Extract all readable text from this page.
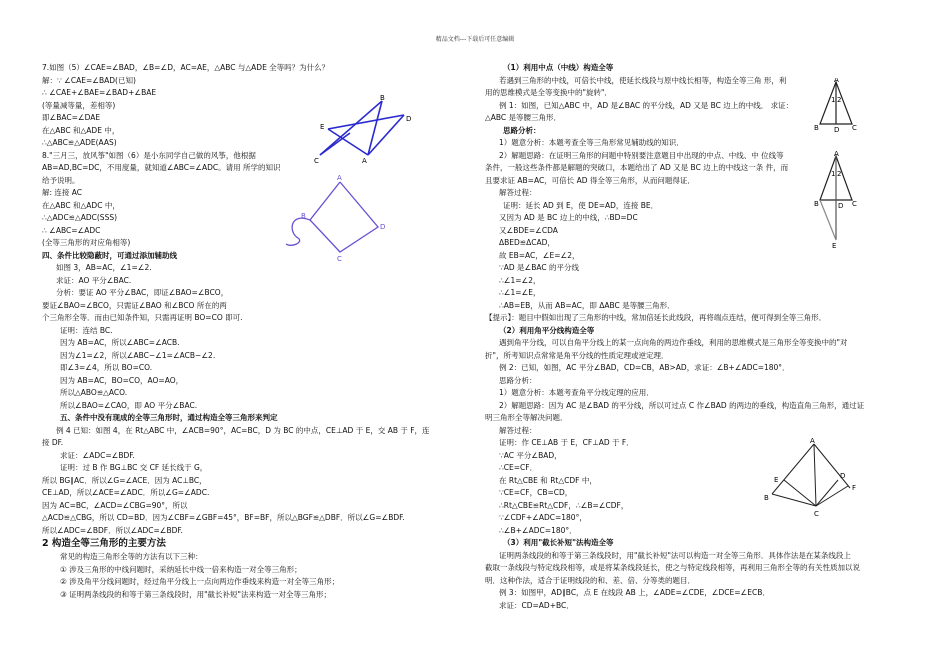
精品文档---下载后可任意编辑
7.如图（5）∠CAE=∠BAD，∠B=∠D，AC=AE，△ABC 与△ADE 全等吗？为什么？
解：∵ ∠CAE=∠BAD(已知)
∴ ∠CAE+∠BAE=∠BAD+∠BAE
(等量减等量，差相等)
即∠BAC=∠DAE
在△ABC 和△ADE 中，
∴△ABC≌△ADE(AAS)
8."三月三，放风筝"如图（6）是小东同学自己做的风筝，他根据
AB=AD,BC=DC，不用度量，就知道∠ABC=∠ADC。请用 所学的知识
给予说明。
解: 连接 AC
在△ABC 和△ADC 中，
∴△ADC≌△ADC(SSS)
∴ ∠ABC=∠ADC
(全等三角形的对应角相等)
四、条件比较隐蔽时，可通过添加辅助线
如图 3，AB=AC，∠1=∠2.
求证：AO 平分∠BAC.
分析：要证 AO 平分∠BAC，即证∠BAO=∠BCO，
要证∠BAO=∠BCO，只需证∠BAO 和∠BCO 所在的两
个三角形全等．而由已知条件知，只需再证明 BO=CO 即可.
证明：连结 BC.
因为 AB=AC，所以∠ABC=∠ACB.
因为∠1=∠2，所以∠ABC−∠1=∠ACB−∠2.
即∠3=∠4，所以 BO=CO.
因为 AB=AC，BO=CO，AO=AO，
所以△ABO≌△ACO.
所以∠BAO=∠CAO，即 AO 平分∠BAC.
五、条件中没有现成的全等三角形时，通过构造全等三角形来判定
例 4 已知：如图 4，在 Rt△ABC 中，∠ACB=90°，AC=BC，D 为 BC 的中点，CE⊥AD 于 E，交 AB 于 F，连
接 DF.
求证：∠ADC=∠BDF.
证明：过 B 作 BG⊥BC 交 CF 延长线于 G，
所以 BG∥AC．所以∠G=∠ACE．因为 AC⊥BC，
CE⊥AD，所以∠ACE=∠ADC．所以∠G=∠ADC.
因为 AC=BC，∠ACD=∠CBG=90°，所以
△ACD≌△CBG，所以 CD=BD．因为∠CBF=∠GBF=45°，BF=BF，所以△BGF≌△DBF．所以∠G=∠BDF.
所以∠ADC=∠BDF．所以∠ADC=∠BDF.
2 构造全等三角形的主要方法
常见的构造三角形全等的方法有以下三种：
① 涉及三角形的中线问题时，采纳延长中线一倍来构造一对全等三角形；
② 涉及角平分线问题时，经过角平分线上一点向两边作垂线来构造一对全等三角形；
③ 证明两条线段的和等于第三条线段时，用"截长补短"法来构造一对全等三角形；
（1）利用中点（中线）构造全等
若遇到三角形的中线，可倍长中线，使延长线段与原中线长相等，构造全等三角 形，利
用的思维模式是全等变换中的"旋转"．
例 1：如图，已知△ABC 中，AD 是∠BAC 的平分线，AD 又是 BC 边上的中线． 求证：
△ABC 是等腰三角形．
思路分析：
1）题意分析：本题考查全等三角形常见辅助线的知识．
2）解题思路：在证明三角形的问题中特别要注意题目中出现的中点、中线、中 位线等
条件，一般这些条件都是解题的突破口，本题给出了 AD 又是 BC 边上的中线这一条 件，而
且要求证 AB=AC，可倍长 AD 得全等三角形，从而问题得证．
解答过程：
证明：延长 AD 到 E，使 DE=AD，连接 BE．
又因为 AD 是 BC 边上的中线，∴BD=DC
又∠BDE=∠CDA
ΔBED≌ΔCAD，
故 EB=AC，∠E=∠2，
∵AD 是∠BAC 的平分线
∴∠1=∠2，
∴∠1=∠E，
∴AB=EB，从而 AB=AC，即 ΔABC 是等腰三角形．
【提示】：题目中假如出现了三角形的中线，常加倍延长此线段，再将端点连结，便可得到全等三角形．
（2）利用角平分线构造全等
遇到角平分线，可以自角平分线上的某一点向角的两边作垂线，利用的思维模式是三角形全等变换中的"对
折"，所考知识点常常是角平分线的性质定理或逆定理．
例 2：已知，如图，AC 平分∠BAD，CD=CB，AB>AD，求证：∠B+∠ADC=180°．
思路分析：
1）题意分析：本题考查角平分线定理的应用．
2）解题思路：因为 AC 是∠BAD 的平分线，所以可过点 C 作∠BAD 的两边的垂线，构造直角三角形，通过证
明三角形全等解决问题．
解答过程：
证明：作 CE⊥AB 于 E，CF⊥AD 于 F．
∵AC 平分∠BAD，
∴CE=CF．
在 Rt△CBE 和 Rt△CDF 中，
∵CE=CF，CB=CD，
∴Rt△CBE≌Rt△CDF，∴∠B=∠CDF，
∵∠CDF+∠ADC=180°，
∴∠B+∠ADC=180°．
（3）利用"截长补短"法构造全等
证明两条线段的和等于第三条线段时，用"截长补短"法可以构造一对全等三角形．具体作法是在某条线段上
截取一条线段与特定线段相等，或是将某条线段延长，使之与特定线段相等，再利用三角形全等的有关性质加以说
明．这种作法，适合于证明线段的和、差、倍、分等类的题目．
例 3：如图甲，AD∥BC，点 E 在线段 AB 上，∠ADE=∠CDE，∠DCE=∠ECB．
求证：CD=AD+BC．
B
D
E
C	A
A
B
C
D
A
B D C
1 2
A
B	D C
E
1 2
A
B
E
C
F
D
